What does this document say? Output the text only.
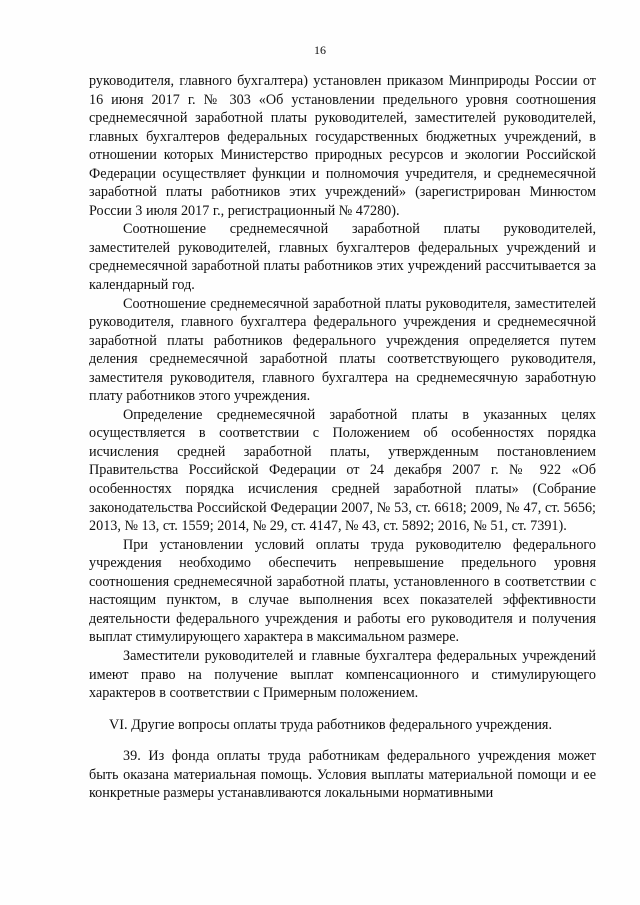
16

руководителя, главного бухгалтера) установлен приказом Минприроды России от 16 июня 2017 г. № 303 «Об установлении предельного уровня соотношения среднемесячной заработной платы руководителей, заместителей руководителей, главных бухгалтеров федеральных государственных бюджетных учреждений, в отношении которых Министерство природных ресурсов и экологии Российской Федерации осуществляет функции и полномочия учредителя, и среднемесячной заработной платы работников этих учреждений» (зарегистрирован Минюстом России 3 июля 2017 г., регистрационный № 47280).

Соотношение среднемесячной заработной платы руководителей, заместителей руководителей, главных бухгалтеров федеральных учреждений и среднемесячной заработной платы работников этих учреждений рассчитывается за календарный год.

Соотношение среднемесячной заработной платы руководителя, заместителей руководителя, главного бухгалтера федерального учреждения и среднемесячной заработной платы работников федерального учреждения определяется путем деления среднемесячной заработной платы соответствующего руководителя, заместителя руководителя, главного бухгалтера на среднемесячную заработную плату работников этого учреждения.

Определение среднемесячной заработной платы в указанных целях осуществляется в соответствии с Положением об особенностях порядка исчисления средней заработной платы, утвержденным постановлением Правительства Российской Федерации от 24 декабря 2007 г. № 922 «Об особенностях порядка исчисления средней заработной платы» (Собрание законодательства Российской Федерации 2007, № 53, ст. 6618; 2009, № 47, ст. 5656; 2013, № 13, ст. 1559; 2014, № 29, ст. 4147, № 43, ст. 5892; 2016, № 51, ст. 7391).

При установлении условий оплаты труда руководителю федерального учреждения необходимо обеспечить непревышение предельного уровня соотношения среднемесячной заработной платы, установленного в соответствии с настоящим пунктом, в случае выполнения всех показателей эффективности деятельности федерального учреждения и работы его руководителя и получения выплат стимулирующего характера в максимальном размере.

Заместители руководителей и главные бухгалтера федеральных учреждений имеют право на получение выплат компенсационного и стимулирующего характеров в соответствии с Примерным положением.

VI. Другие вопросы оплаты труда работников федерального учреждения.

39. Из фонда оплаты труда работникам федерального учреждения может быть оказана материальная помощь. Условия выплаты материальной помощи и ее конкретные размеры устанавливаются локальными нормативными
